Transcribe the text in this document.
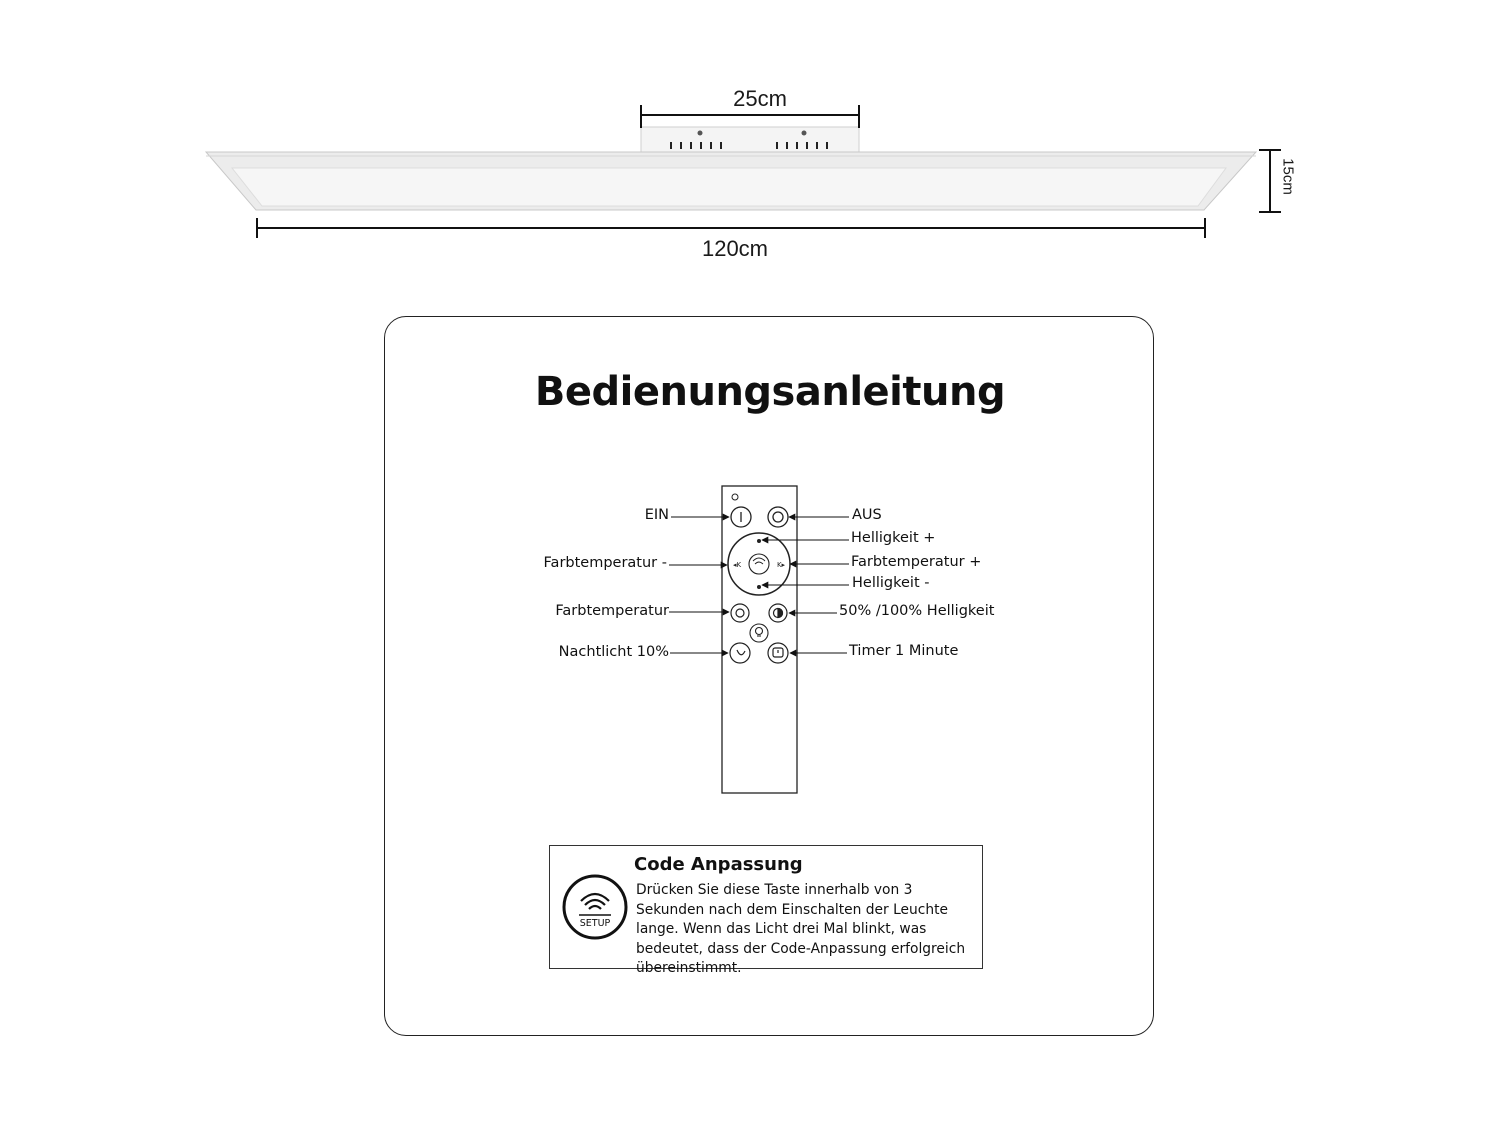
25cm
120cm
15cm
Bedienungsanleitung
◂K	K▸
EIN
Farbtemperatur -
Farbtemperatur
Nachtlicht 10%
AUS
Helligkeit +
Farbtemperatur +
Helligkeit -
50% /100% Helligkeit
Timer 1 Minute
SETUP
Code Anpassung
Drücken Sie diese Taste innerhalb von 3 Sekunden nach dem Einschalten der Leuchte lange. Wenn das Licht drei Mal blinkt, was bedeutet, dass der Code-Anpassung erfolgreich übereinstimmt.
